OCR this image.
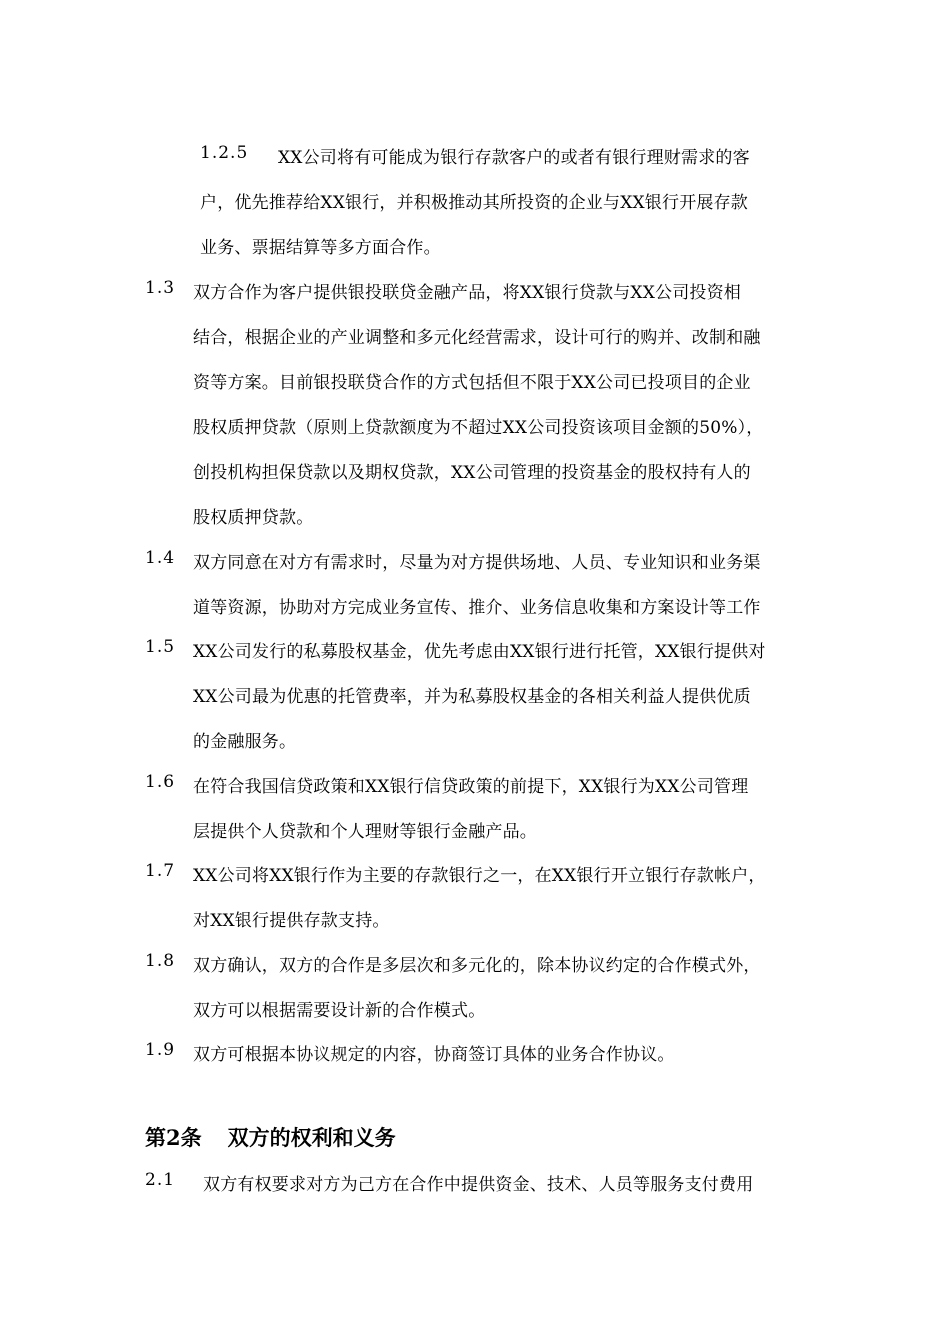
1.2.5 XX公司将有可能成为银行存款客户的或者有银行理财需求的客
户，优先推荐给XX银行，并积极推动其所投资的企业与XX银行开展存款
业务、票据结算等多方面合作。
1.3 双方合作为客户提供银投联贷金融产品，将XX银行贷款与XX公司投资相
结合，根据企业的产业调整和多元化经营需求，设计可行的购并、改制和融
资等方案。目前银投联贷合作的方式包括但不限于XX公司已投项目的企业
股权质押贷款（原则上贷款额度为不超过XX公司投资该项目金额的50%），
创投机构担保贷款以及期权贷款，XX公司管理的投资基金的股权持有人的
股权质押贷款。
1.4 双方同意在对方有需求时，尽量为对方提供场地、人员、专业知识和业务渠
道等资源，协助对方完成业务宣传、推介、业务信息收集和方案设计等工作
1.5 XX公司发行的私募股权基金，优先考虑由XX银行进行托管，XX银行提供对
XX公司最为优惠的托管费率，并为私募股权基金的各相关利益人提供优质
的金融服务。
1.6 在符合我国信贷政策和XX银行信贷政策的前提下，XX银行为XX公司管理
层提供个人贷款和个人理财等银行金融产品。
1.7 XX公司将XX银行作为主要的存款银行之一，在XX银行开立银行存款帐户，
对XX银行提供存款支持。
1.8 双方确认，双方的合作是多层次和多元化的，除本协议约定的合作模式外，
双方可以根据需要设计新的合作模式。
1.9 双方可根据本协议规定的内容，协商签订具体的业务合作协议。
第2条 双方的权利和义务
2.1 双方有权要求对方为己方在合作中提供资金、技术、人员等服务支付费用
